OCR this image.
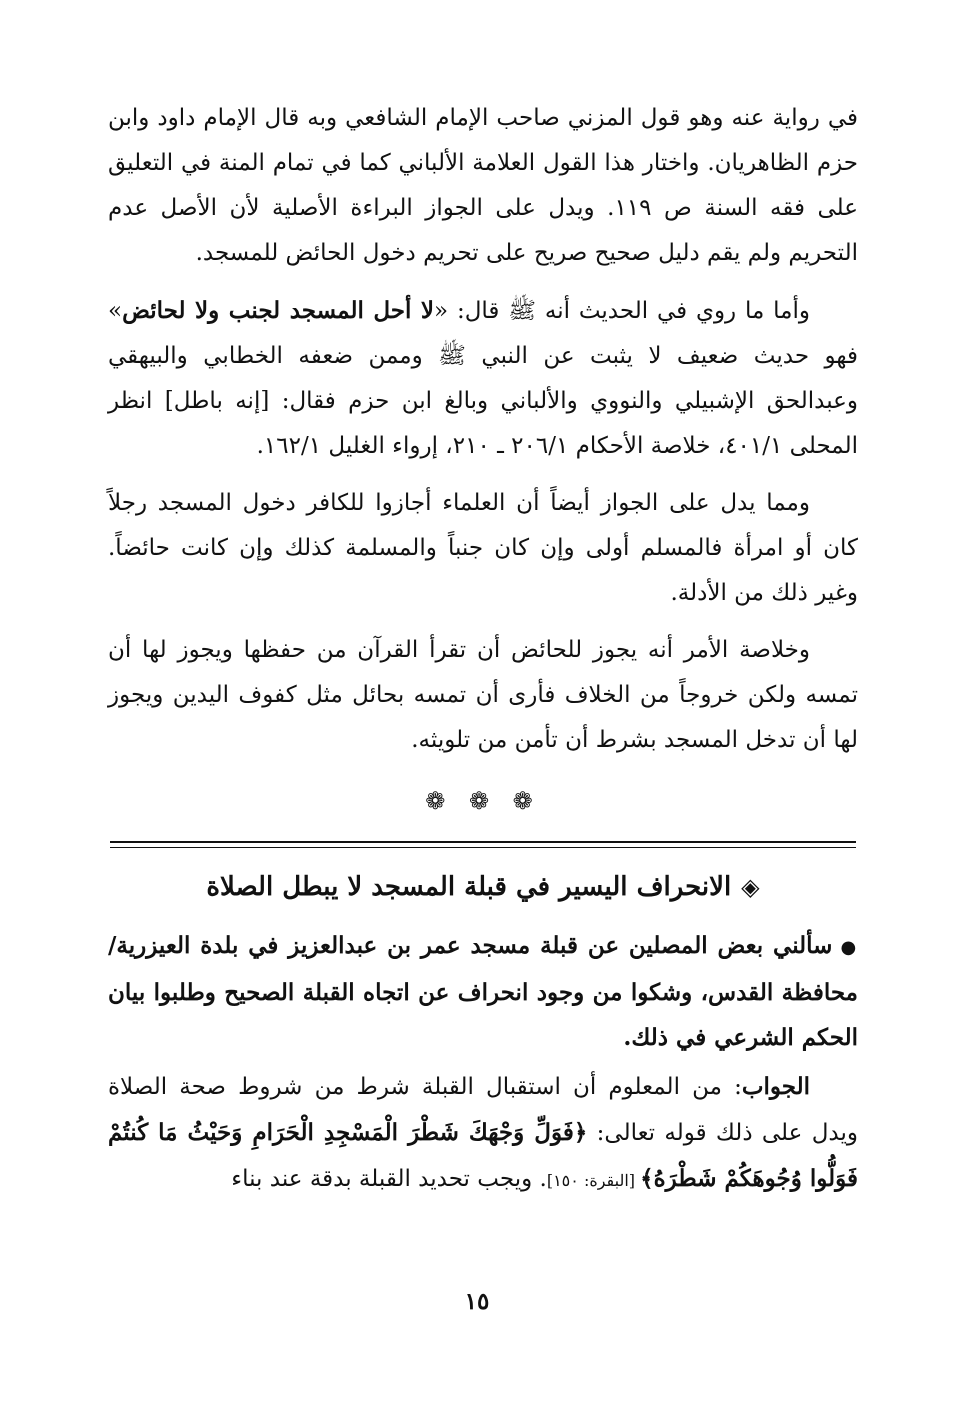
في رواية عنه وهو قول المزني صاحب الإمام الشافعي وبه قال الإمام داود وابن حزم الظاهريان. واختار هذا القول العلامة الألباني كما في تمام المنة في التعليق على فقه السنة ص ١١٩. ويدل على الجواز البراءة الأصلية لأن الأصل عدم التحريم ولم يقم دليل صحيح صريح على تحريم دخول الحائض للمسجد.

وأما ما روي في الحديث أنه ﷺ قال: «لا أحل المسجد لجنب ولا لحائض» فهو حديث ضعيف لا يثبت عن النبي ﷺ وممن ضعفه الخطابي والبيهقي وعبدالحق الإشبيلي والنووي والألباني وبالغ ابن حزم فقال: [إنه باطل] انظر المحلى ٤٠١/١، خلاصة الأحكام ٢٠٦/١ ـ ٢١٠، إرواء الغليل ١٦٢/١.

ومما يدل على الجواز أيضاً أن العلماء أجازوا للكافر دخول المسجد رجلاً كان أو امرأة فالمسلم أولى وإن كان جنباً والمسلمة كذلك وإن كانت حائضاً. وغير ذلك من الأدلة.

وخلاصة الأمر أنه يجوز للحائض أن تقرأ القرآن من حفظها ويجوز لها أن تمسه ولكن خروجاً من الخلاف فأرى أن تمسه بحائل مثل كفوف اليدين ويجوز لها أن تدخل المسجد بشرط أن تأمن من تلويثه.

❁ ❁ ❁
◈الانحراف اليسير في قبلة المسجد لا يبطل الصلاة

●سألني بعض المصلين عن قبلة مسجد عمر بن عبدالعزيز في بلدة العيزرية/ محافظة القدس، وشكوا من وجود انحراف عن اتجاه القبلة الصحيح وطلبوا بيان الحكم الشرعي في ذلك.

الجواب: من المعلوم أن استقبال القبلة شرط من شروط صحة الصلاة ويدل على ذلك قوله تعالى: ﴿فَوَلِّ وَجْهَكَ شَطْرَ الْمَسْجِدِ الْحَرَامِ وَحَيْثُ مَا كُنتُمْ فَوَلُّوا وُجُوهَكُمْ شَطْرَهُ﴾ [البقرة: ١٥٠]. ويجب تحديد القبلة بدقة عند بناء

١٥
